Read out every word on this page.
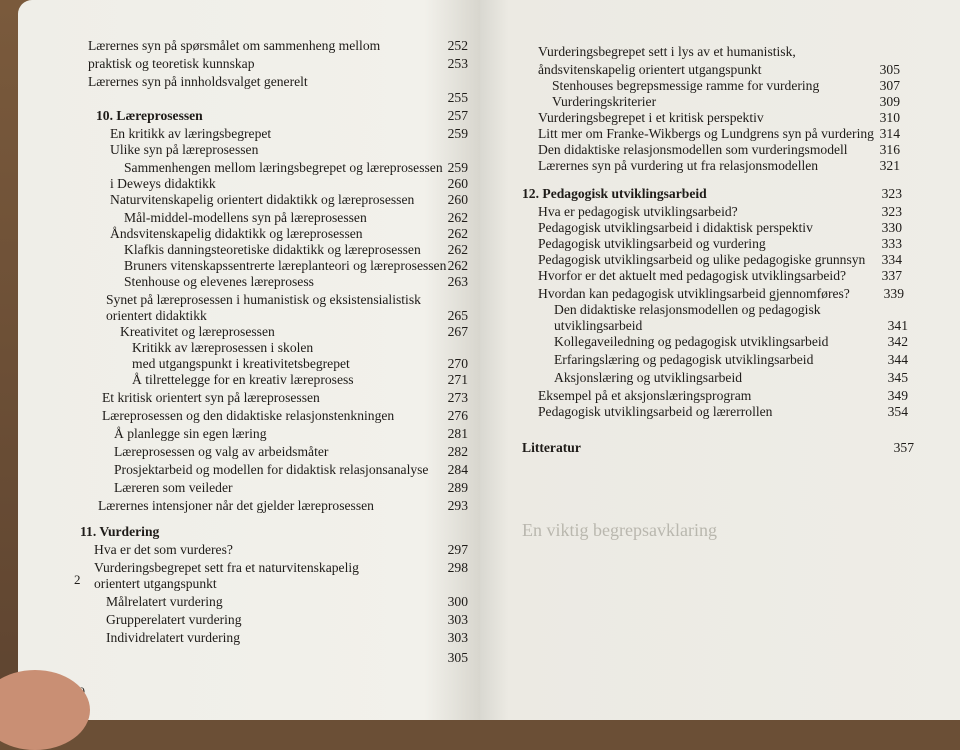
En viktig begrepsavklaring
Lærernes syn på spørsmålet om sammenheng mellom	252
praktisk og teoretisk kunnskap	253
Lærernes syn på innholdsvalget generelt
255
10. Læreprosessen	257
En kritikk av læringsbegrepet	259
Ulike syn på læreprosessen
Sammenhengen mellom læringsbegrepet og læreprosessen 259
i Deweys didaktikk	260
Naturvitenskapelig orientert didaktikk og læreprosessen	260
Mål-middel-modellens syn på læreprosessen	262
Åndsvitenskapelig didaktikk og læreprosessen	262
Klafkis danningsteoretiske didaktikk og læreprosessen	262
Bruners vitenskapssentrerte læreplanteori og læreprosessen 262
Stenhouse og elevenes læreprosess	263
Synet på læreprosessen i humanistisk og eksistensialistisk
orientert didaktikk	265
Kreativitet og læreprosessen	267
Kritikk av læreprosessen i skolen
med utgangspunkt i kreativitetsbegrepet	270
Å tilrettelegge for en kreativ læreprosess	271
Et kritisk orientert syn på læreprosessen	273
Læreprosessen og den didaktiske relasjonstenkningen	276
Å planlegge sin egen læring	281
Læreprosessen og valg av arbeidsmåter	282
Prosjektarbeid og modellen for didaktisk relasjonsanalyse	284
Læreren som veileder	289
Lærernes intensjoner når det gjelder læreprosessen	293
11. Vurdering
Hva er det som vurderes?	297
Vurderingsbegrepet sett fra et naturvitenskapelig	298
orientert utgangspunkt
Målrelatert vurdering	300
Grupperelatert vurdering	303
Individrelatert vurdering	303
305
Vurderingsbegrepet sett i lys av et humanistisk,
åndsvitenskapelig orientert utgangspunkt	305
Stenhouses begrepsmessige ramme for vurdering	307
Vurderingskriterier	309
Vurderingsbegrepet i et kritisk perspektiv	310
Litt mer om Franke-Wikbergs og Lundgrens syn på vurdering 314
Den didaktiske relasjonsmodellen som vurderingsmodell	316
Lærernes syn på vurdering ut fra relasjonsmodellen	321
12. Pedagogisk utviklingsarbeid	323
Hva er pedagogisk utviklingsarbeid?	323
Pedagogisk utviklingsarbeid i didaktisk perspektiv	330
Pedagogisk utviklingsarbeid og vurdering	333
Pedagogisk utviklingsarbeid og ulike pedagogiske grunnsyn	334
Hvorfor er det aktuelt med pedagogisk utviklingsarbeid?	337
Hvordan kan pedagogisk utviklingsarbeid gjennomføres?	339
Den didaktiske relasjonsmodellen og pedagogisk
utviklingsarbeid	341
Kollegaveiledning og pedagogisk utviklingsarbeid	342
Erfaringslæring og pedagogisk utviklingsarbeid	344
Aksjonslæring og utviklingsarbeid	345
Eksempel på et aksjonslæringsprogram	349
Pedagogisk utviklingsarbeid og lærerrollen	354
Litteratur	357
2
